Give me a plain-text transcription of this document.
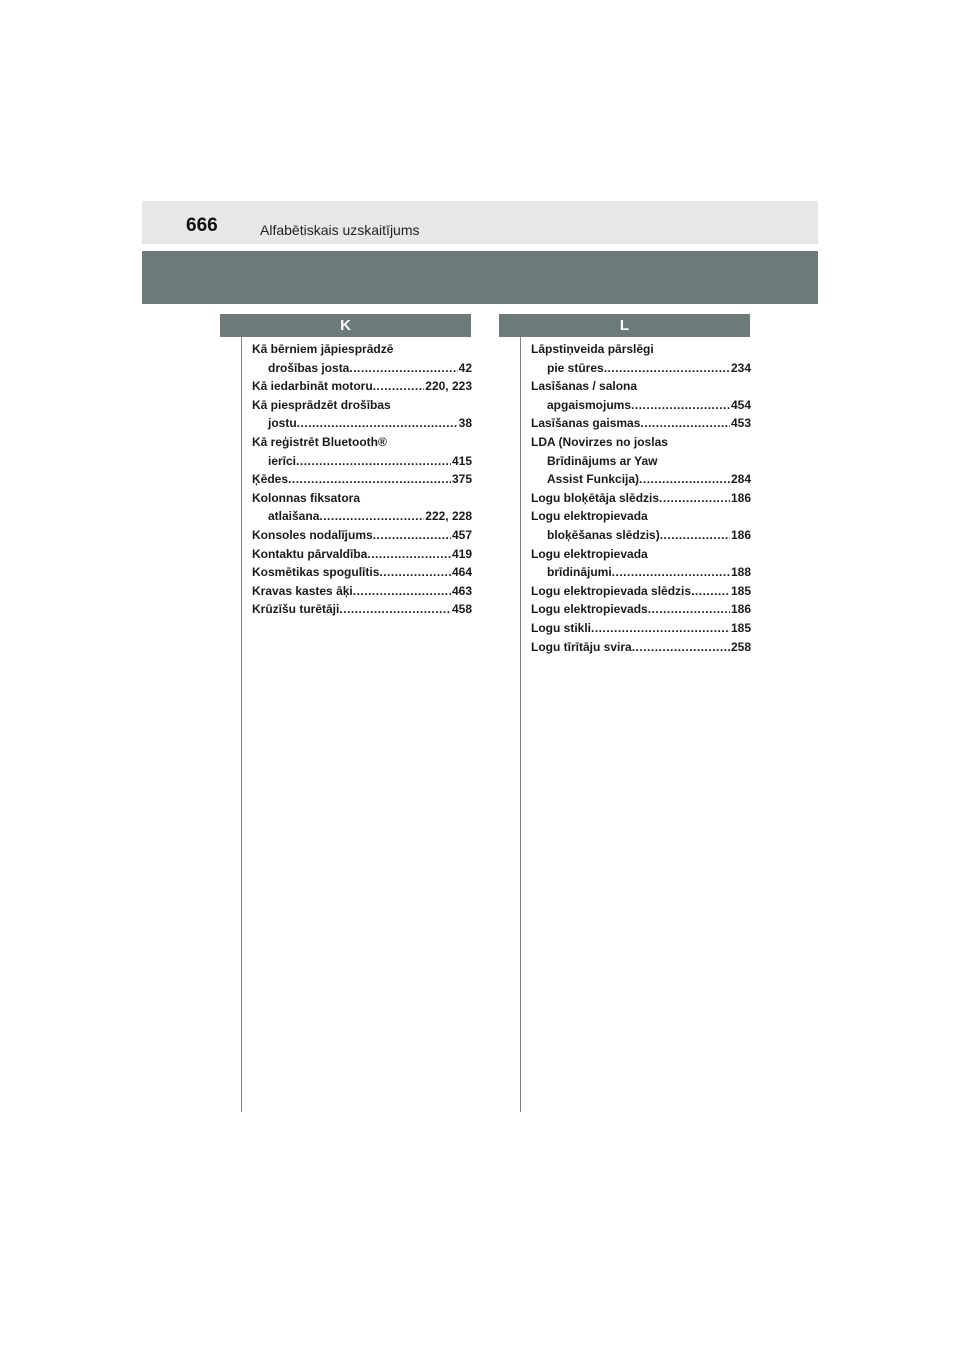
666	Alfabētiskais uzskaitījums
K	L
Kā bērniem jāpiesprādzē
drošības josta .....	42
Kā iedarbināt motoru .....	220, 223
Kā piesprādzēt drošības
jostu .....	38
Kā reģistrēt Bluetooth®
ierīci .....	415
Ķēdes .....	375
Kolonnas fiksatora
atlaišana .....	222, 228
Konsoles nodalījums .....	457
Kontaktu pārvaldība .....	419
Kosmētikas spogulītis .....	464
Kravas kastes āķi .....	463
Krūzīšu turētāji .....	458
Lāpstiņveida pārslēgi
pie stūres .....	234
Lasīšanas / salona
apgaismojums .....	454
Lasīšanas gaismas .....	453
LDA (Novirzes no joslas
Brīdinājums ar Yaw
Assist Funkcija) .....	284
Logu bloķētāja slēdzis .....	186
Logu elektropievada
bloķēšanas slēdzis) .....	186
Logu elektropievada
brīdinājumi .....	188
Logu elektropievada slēdzis .....	185
Logu elektropievads .....	186
Logu stikli .....	185
Logu tīrītāju svira .....	258
